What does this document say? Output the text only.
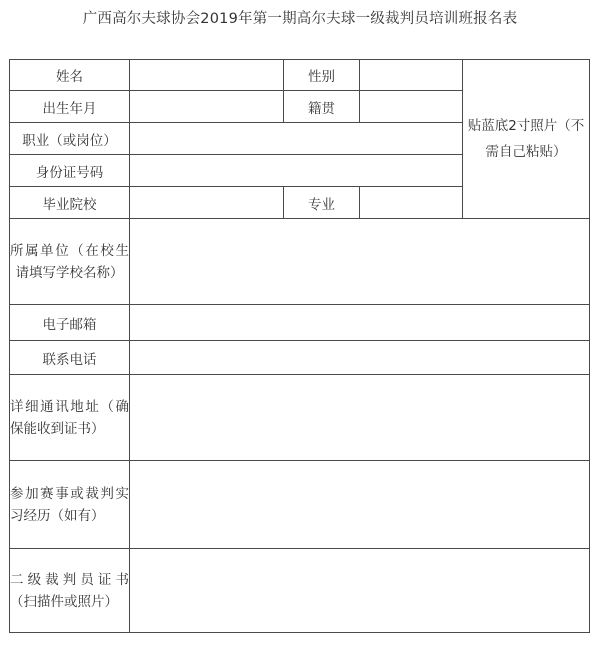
广西高尔夫球协会2019年第一期高尔夫球一级裁判员培训班报名表
姓名		性别		贴蓝底2寸照片（不需自己粘贴）
出生年月		籍贯		
职业（或岗位）				
身份证号码				
毕业院校		专业		
所属单位（在校生请填写学校名称）				
电子邮箱				
联系电话				
详细通讯地址（确保能收到证书）				
参加赛事或裁判实习经历（如有）				
二级裁判员证书（扫描件或照片）				
